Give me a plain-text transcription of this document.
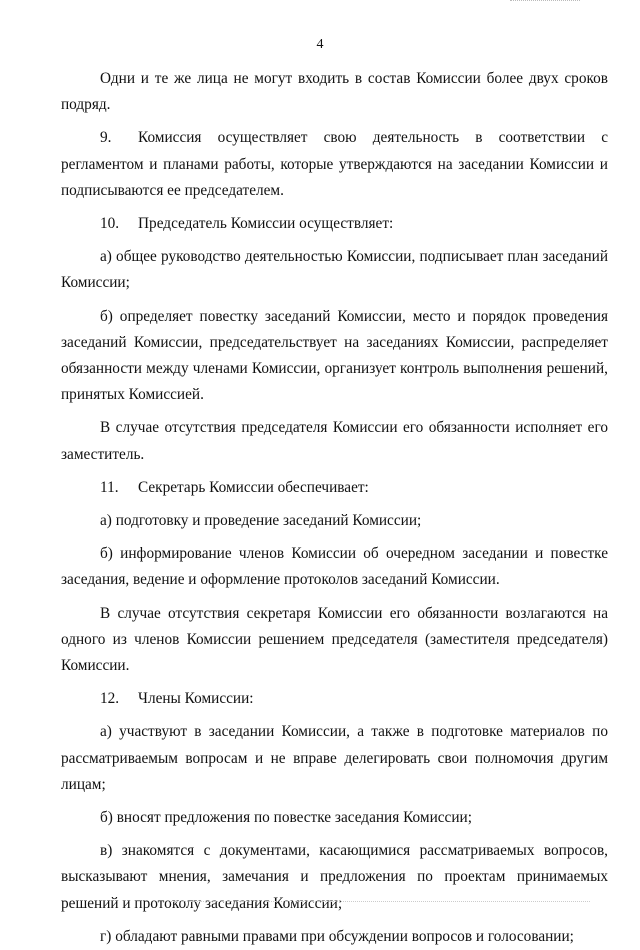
4

Одни и те же лица не могут входить в состав Комиссии более двух сроков подряд.

9. Комиссия осуществляет свою деятельность в соответствии с регламентом и планами работы, которые утверждаются на заседании Комиссии и подписываются ее председателем.

10. Председатель Комиссии осуществляет:

а) общее руководство деятельностью Комиссии, подписывает план заседаний Комиссии;

б) определяет повестку заседаний Комиссии, место и порядок проведения заседаний Комиссии, председательствует на заседаниях Комиссии, распределяет обязанности между членами Комиссии, организует контроль выполнения решений, принятых Комиссией.

В случае отсутствия председателя Комиссии его обязанности исполняет его заместитель.

11. Секретарь Комиссии обеспечивает:

а) подготовку и проведение заседаний Комиссии;

б) информирование членов Комиссии об очередном заседании и повестке заседания, ведение и оформление протоколов заседаний Комиссии.

В случае отсутствия секретаря Комиссии его обязанности возлагаются на одного из членов Комиссии решением председателя (заместителя председателя) Комиссии.

12. Члены Комиссии:

а) участвуют в заседании Комиссии, а также в подготовке материалов по рассматриваемым вопросам и не вправе делегировать свои полномочия другим лицам;

б) вносят предложения по повестке заседания Комиссии;

в) знакомятся с документами, касающимися рассматриваемых вопросов, высказывают мнения, замечания и предложения по проектам принимаемых решений и протоколу заседания Комиссии;

г) обладают равными правами при обсуждении вопросов и голосовании;
